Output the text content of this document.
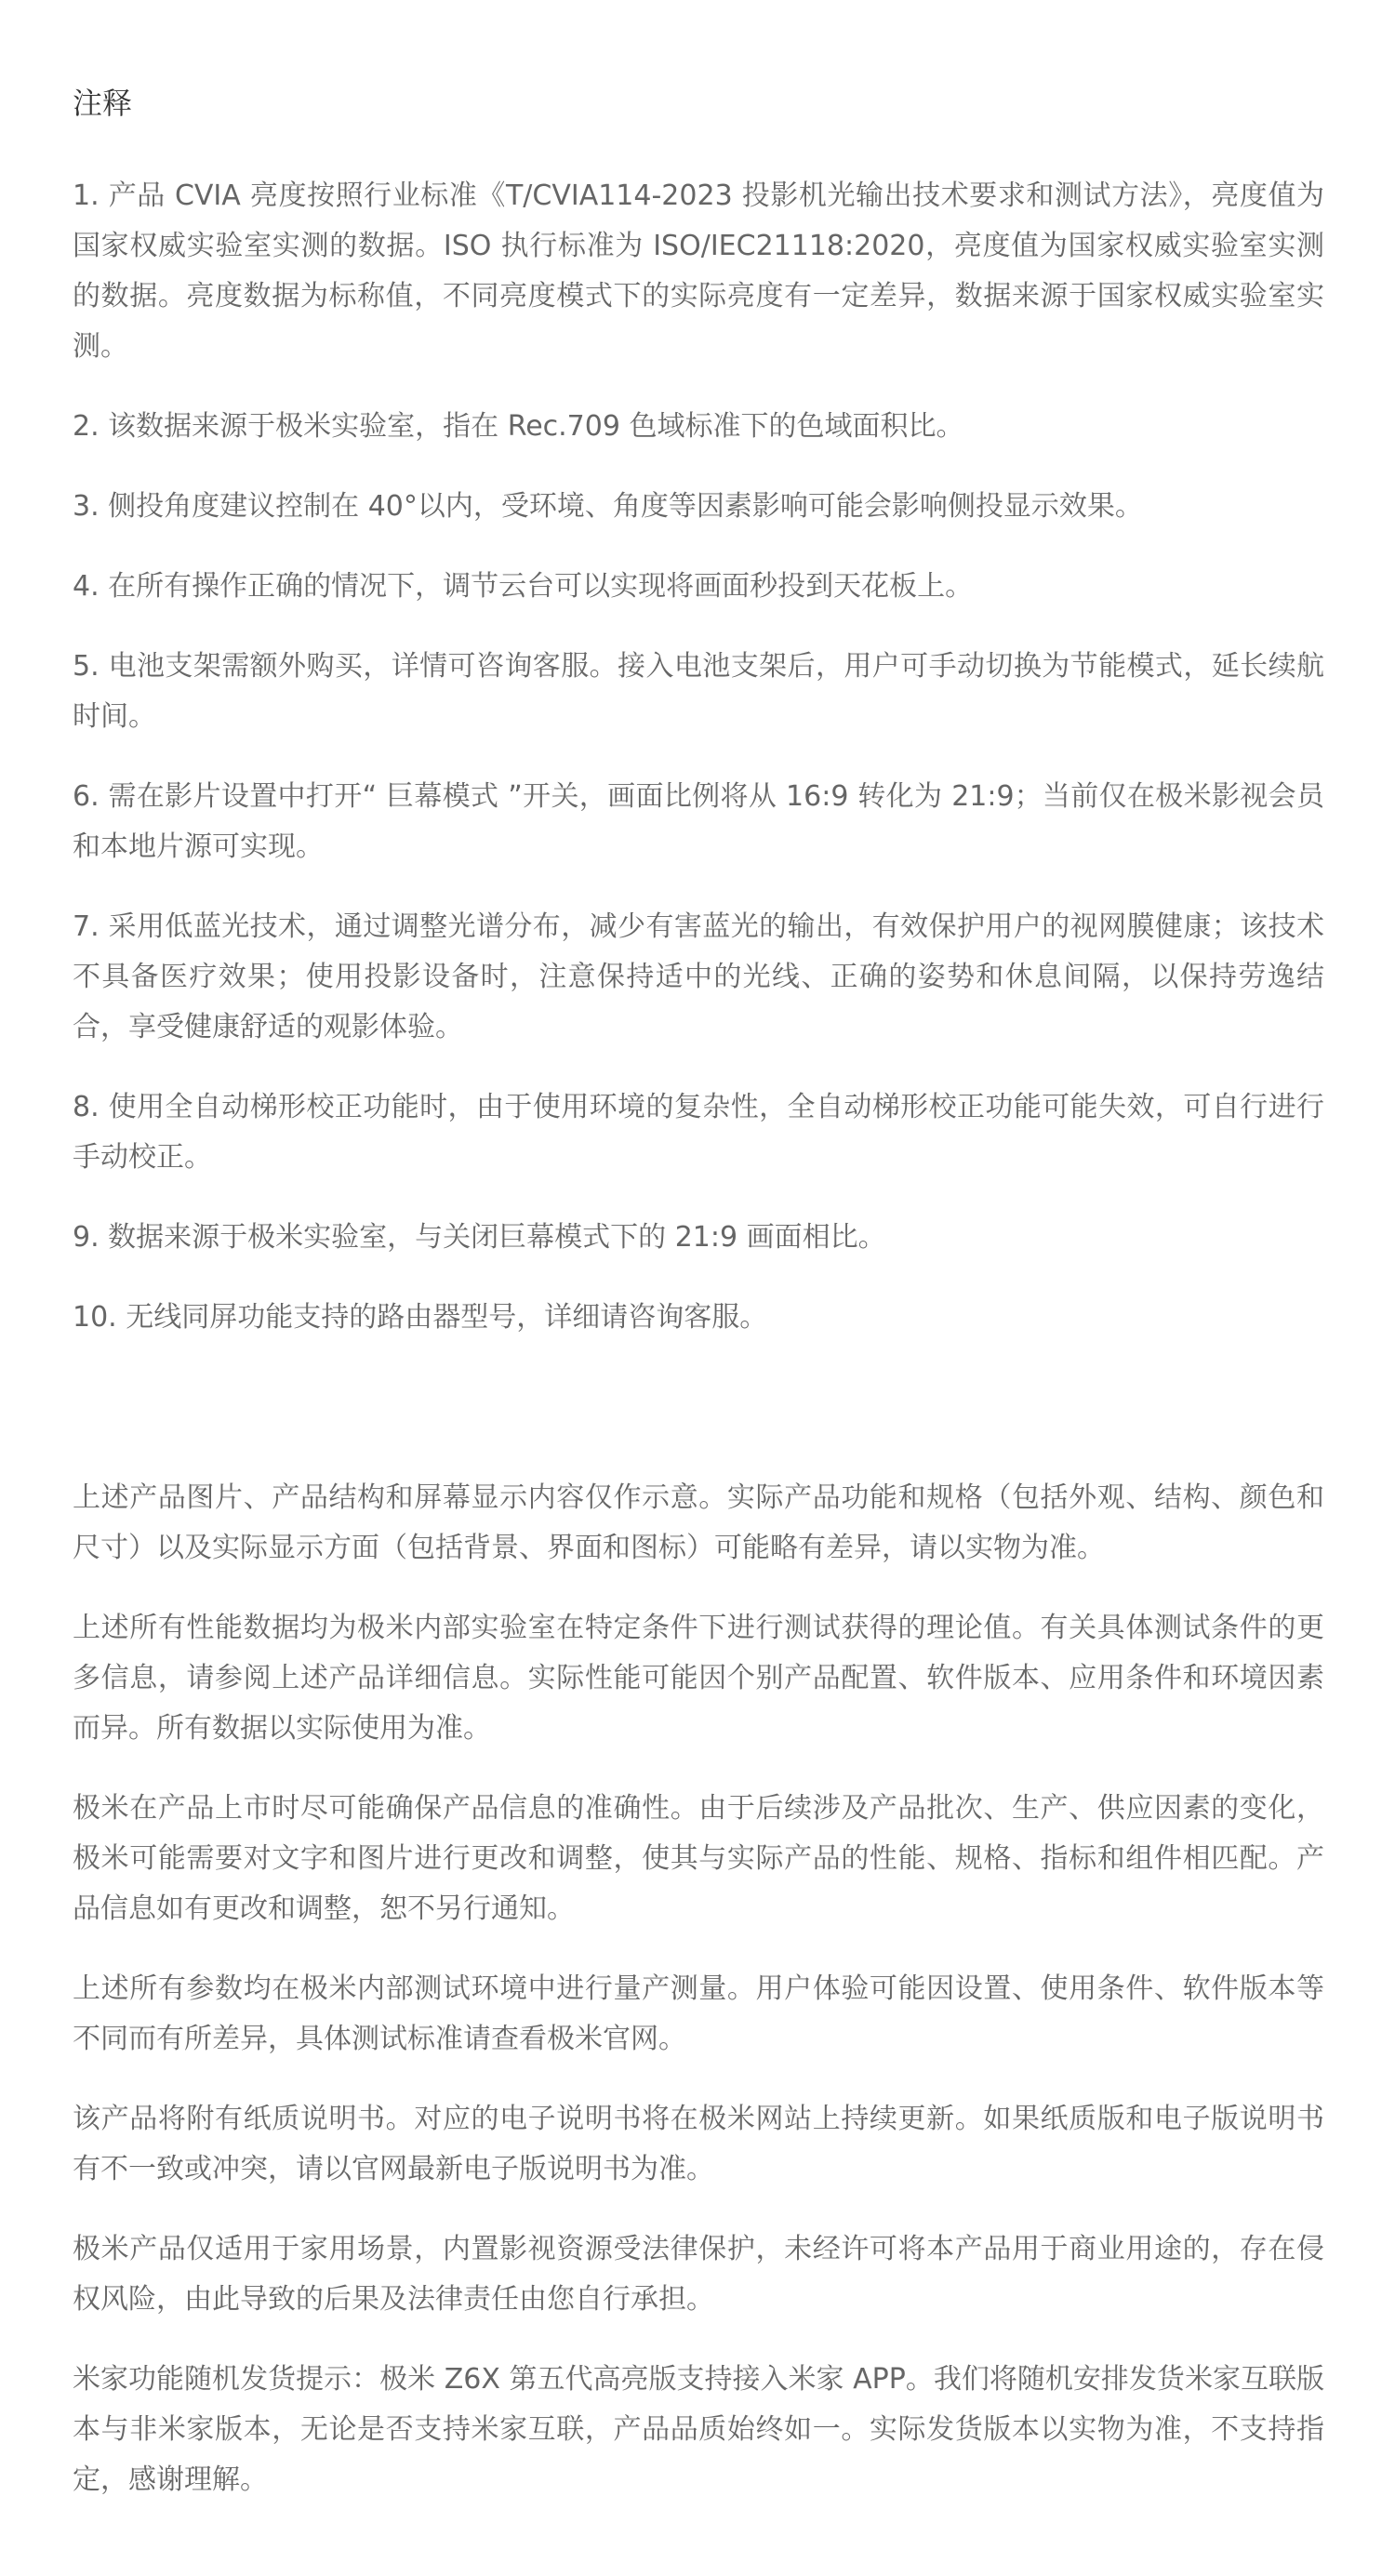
注释

1. 产品 CVIA 亮度按照行业标准《T/CVIA114-2023 投影机光输出技术要求和测试方法》，亮度值为国家权威实验室实测的数据。ISO 执行标准为 ISO/IEC21118:2020，亮度值为国家权威实验室实测的数据。亮度数据为标称值，不同亮度模式下的实际亮度有一定差异，数据来源于国家权威实验室实测。

2. 该数据来源于极米实验室，指在 Rec.709 色域标准下的色域面积比。

3. 侧投角度建议控制在 40°以内，受环境、角度等因素影响可能会影响侧投显示效果。

4. 在所有操作正确的情况下，调节云台可以实现将画面秒投到天花板上。

5. 电池支架需额外购买，详情可咨询客服。接入电池支架后，用户可手动切换为节能模式，延长续航时间。

6. 需在影片设置中打开“ 巨幕模式 ”开关，画面比例将从 16:9 转化为 21:9；当前仅在极米影视会员和本地片源可实现。

7. 采用低蓝光技术，通过调整光谱分布，减少有害蓝光的输出，有效保护用户的视网膜健康；该技术不具备医疗效果；使用投影设备时，注意保持适中的光线、正确的姿势和休息间隔，以保持劳逸结合，享受健康舒适的观影体验。

8. 使用全自动梯形校正功能时，由于使用环境的复杂性，全自动梯形校正功能可能失效，可自行进行手动校正。

9. 数据来源于极米实验室，与关闭巨幕模式下的 21:9 画面相比。

10. 无线同屏功能支持的路由器型号，详细请咨询客服。

上述产品图片、产品结构和屏幕显示内容仅作示意。实际产品功能和规格（包括外观、结构、颜色和尺寸）以及实际显示方面（包括背景、界面和图标）可能略有差异，请以实物为准。

上述所有性能数据均为极米内部实验室在特定条件下进行测试获得的理论值。有关具体测试条件的更多信息，请参阅上述产品详细信息。实际性能可能因个别产品配置、软件版本、应用条件和环境因素而异。所有数据以实际使用为准。

极米在产品上市时尽可能确保产品信息的准确性。由于后续涉及产品批次、生产、供应因素的变化，极米可能需要对文字和图片进行更改和调整，使其与实际产品的性能、规格、指标和组件相匹配。产品信息如有更改和调整，恕不另行通知。

上述所有参数均在极米内部测试环境中进行量产测量。用户体验可能因设置、使用条件、软件版本等不同而有所差异，具体测试标准请查看极米官网。

该产品将附有纸质说明书。对应的电子说明书将在极米网站上持续更新。如果纸质版和电子版说明书有不一致或冲突，请以官网最新电子版说明书为准。

极米产品仅适用于家用场景，内置影视资源受法律保护，未经许可将本产品用于商业用途的，存在侵权风险，由此导致的后果及法律责任由您自行承担。

米家功能随机发货提示：极米 Z6X 第五代高亮版支持接入米家 APP。我们将随机安排发货米家互联版本与非米家版本，无论是否支持米家互联，产品品质始终如一。实际发货版本以实物为准，不支持指定，感谢理解。
